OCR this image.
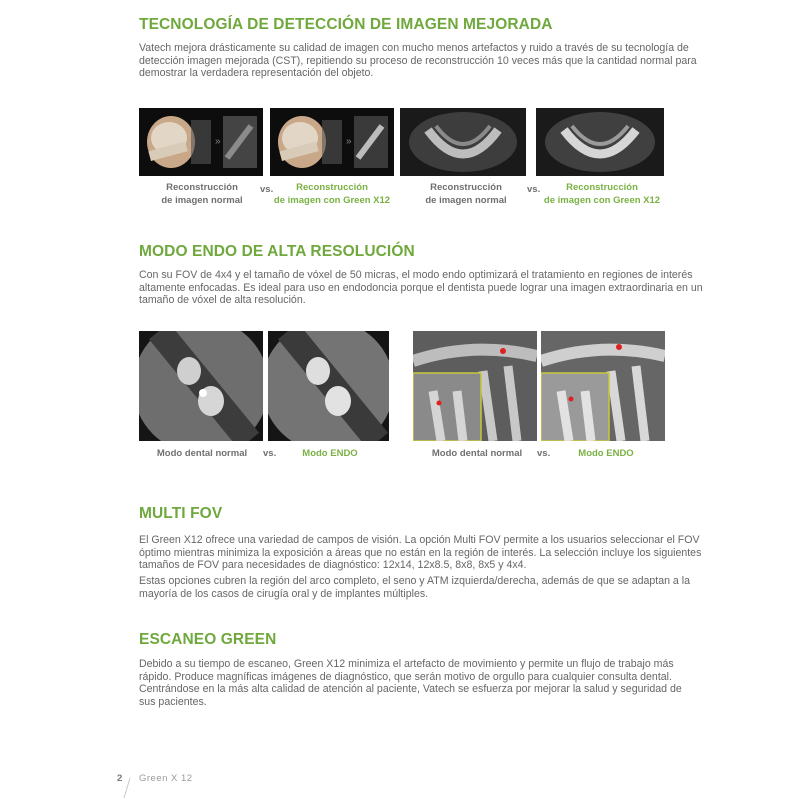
TECNOLOGÍA DE DETECCIÓN DE IMAGEN MEJORADA

Vatech mejora drásticamente su calidad de imagen con mucho menos artefactos y ruido a través de su tecnología de detección imagen mejorada (CST), repitiendo su proceso de reconstrucción 10 veces más que la cantidad normal para demostrar la verdadera representación del objeto.

»	»
Reconstrucción
de imagen normal
vs.	Reconstrucción
de imagen con Green X12
Reconstrucción
de imagen normal
vs.	Reconstrucción
de imagen con Green X12
MODO ENDO DE ALTA RESOLUCIÓN

Con su FOV de 4x4 y el tamaño de vóxel de 50 micras, el modo endo optimizará el tratamiento en regiones de interés altamente enfocadas. Es ideal para uso en endodoncia porque el dentista puede lograr una imagen extraordinaria en un tamaño de vóxel de alta resolución.

Modo dental normal	vs.	Modo ENDO	Modo dental normal	vs.	Modo ENDO
MULTI FOV

El Green X12 ofrece una variedad de campos de visión. La opción Multi FOV permite a los usuarios seleccionar el FOV óptimo mientras minimiza la exposición a áreas que no están en la región de interés. La selección incluye los siguientes tamaños de FOV para necesidades de diagnóstico: 12x14, 12x8.5, 8x8, 8x5 y 4x4.

Estas opciones cubren la región del arco completo, el seno y ATM izquierda/derecha, además de que se adaptan a la mayoría de los casos de cirugía oral y de implantes múltiples.

ESCANEO GREEN

Debido a su tiempo de escaneo, Green X12 minimiza el artefacto de movimiento y permite un flujo de trabajo más rápido. Produce magníficas imágenes de diagnóstico, que serán motivo de orgullo para cualquier consulta dental. Centrándose en la más alta calidad de atención al paciente, Vatech se esfuerza por mejorar la salud y seguridad de sus pacientes.

2 Green X 12
